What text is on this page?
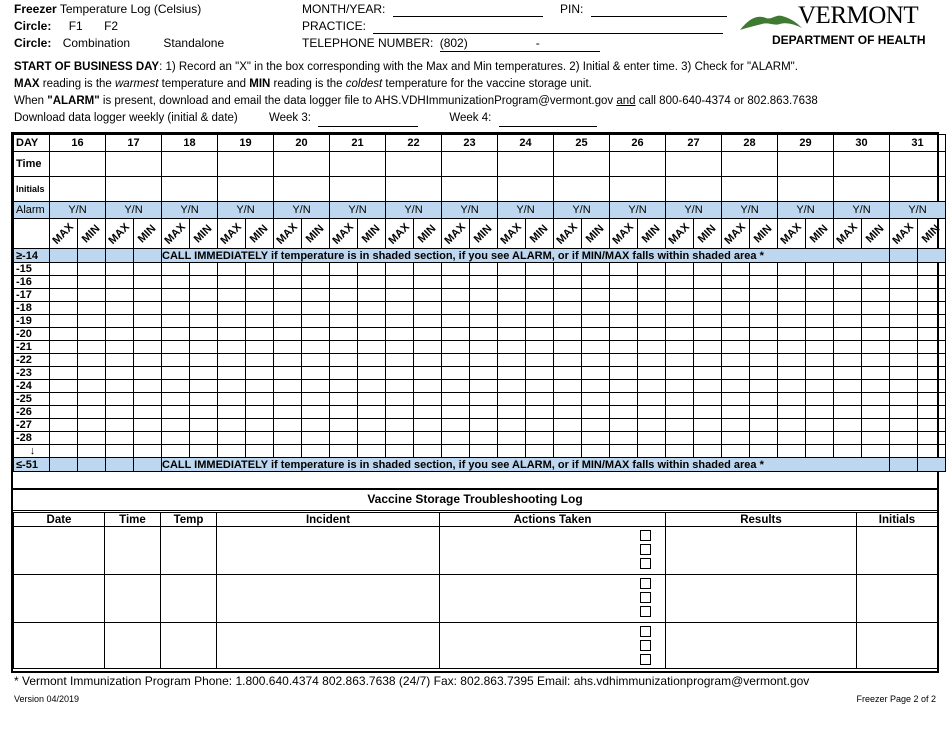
Freezer Temperature Log (Celsius)
Circle: F1 F2
Circle: Combination	Standalone
MONTH/YEAR:	PIN:
PRACTICE:
TELEPHONE NUMBER: (802)	-
VERMONT
DEPARTMENT OF HEALTH
START OF BUSINESS DAY: 1) Record an "X" in the box corresponding with the Max and Min temperatures. 2) Initial & enter time. 3) Check for "ALARM".
MAX reading is the warmest temperature and MIN reading is the coldest temperature for the vaccine storage unit.
When "ALARM" is present, download and email the data logger file to AHS.VDHImmunizationProgram@vermont.gov and call 800-640-4374 or 802.863.7638
Download data logger weekly (initial & date)	Week 3:	Week 4:
DAY	16		17		18		19		20		21		22		23		24		25		26		27		28		29		30		31	
Time																																
Initials																																
Alarm	Y/N		Y/N		Y/N		Y/N		Y/N		Y/N		Y/N		Y/N		Y/N		Y/N		Y/N		Y/N		Y/N		Y/N		Y/N		Y/N	
	MAX	MIN	MAX	MIN	MAX	MIN	MAX	MIN	MAX	MIN	MAX	MIN	MAX	MIN	MAX	MIN	MAX	MIN	MAX	MIN	MAX	MIN	MAX	MIN	MAX	MIN	MAX	MIN	MAX	MIN	MAX	MIN
≥-14					CALL IMMEDIATELY if temperature is in shaded section, if you see ALARM, or if MIN/MAX falls within shaded area *																											
-15																																
-16																																
-17																																
-18																																
-19																																
-20																																
-21																																
-22																																
-23																																
-24																																
-25																																
-26																																
-27																																
-28																																
↓																																
≤-51					CALL IMMEDIATELY if temperature is in shaded section, if you see ALARM, or if MIN/MAX falls within shaded area *																											
Vaccine Storage Troubleshooting Log
Date	Time	Temp	Incident	Actions Taken	Results	Initials

* Vermont Immunization Program Phone: 1.800.640.4374 802.863.7638 (24/7) Fax: 802.863.7395 Email: ahs.vdhimmunizationprogram@vermont.gov
Version 04/2019	Freezer Page 2 of 2
